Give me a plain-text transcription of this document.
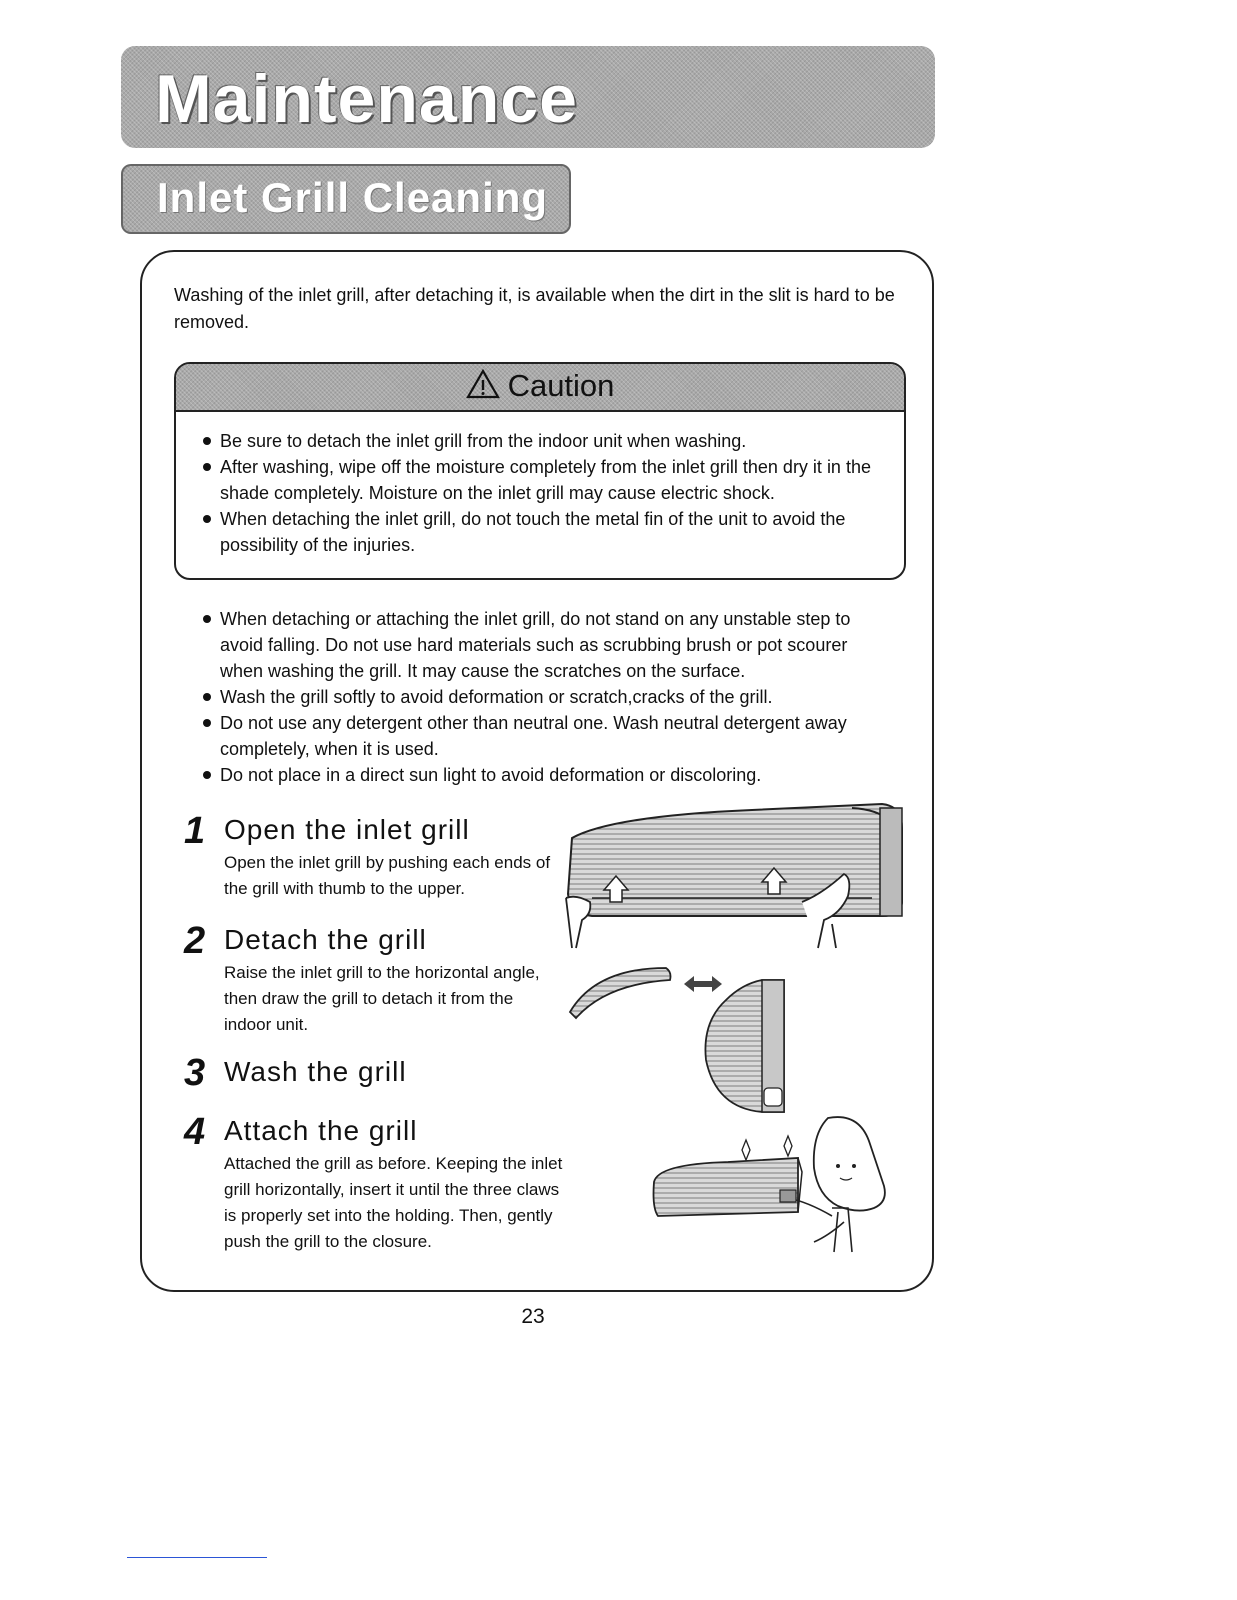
Maintenance
Inlet Grill Cleaning
Washing of the inlet grill, after detaching it, is available when the dirt in the slit is hard to be removed.
Caution
Be sure to detach the inlet grill from the indoor unit when washing.
After washing, wipe off the moisture completely from the inlet grill then dry it in the shade completely. Moisture on the inlet grill may cause electric shock.
When detaching the inlet grill, do not touch the metal fin of the unit to avoid the possibility of the injuries.
When detaching or attaching the inlet grill, do not stand on any unstable step to avoid falling. Do not use hard materials such as scrubbing brush or pot scourer when washing the grill. It may cause the scratches on the surface.
Wash the grill softly to avoid deformation or scratch,cracks of the grill.
Do not use any detergent other than neutral one. Wash neutral detergent away completely, when it is used.
Do not place in a direct sun light to avoid deformation or discoloring.
1 Open the inlet grill
Open the inlet grill by pushing each ends of the grill with thumb to the upper.
2 Detach the grill
Raise the inlet grill to the horizontal angle, then draw the grill to detach it from the indoor unit.
3 Wash the grill
4 Attach the grill
Attached the grill as before. Keeping the inlet grill horizontally, insert it until the three claws is properly set into the holding. Then, gently push the grill to the closure.
23
